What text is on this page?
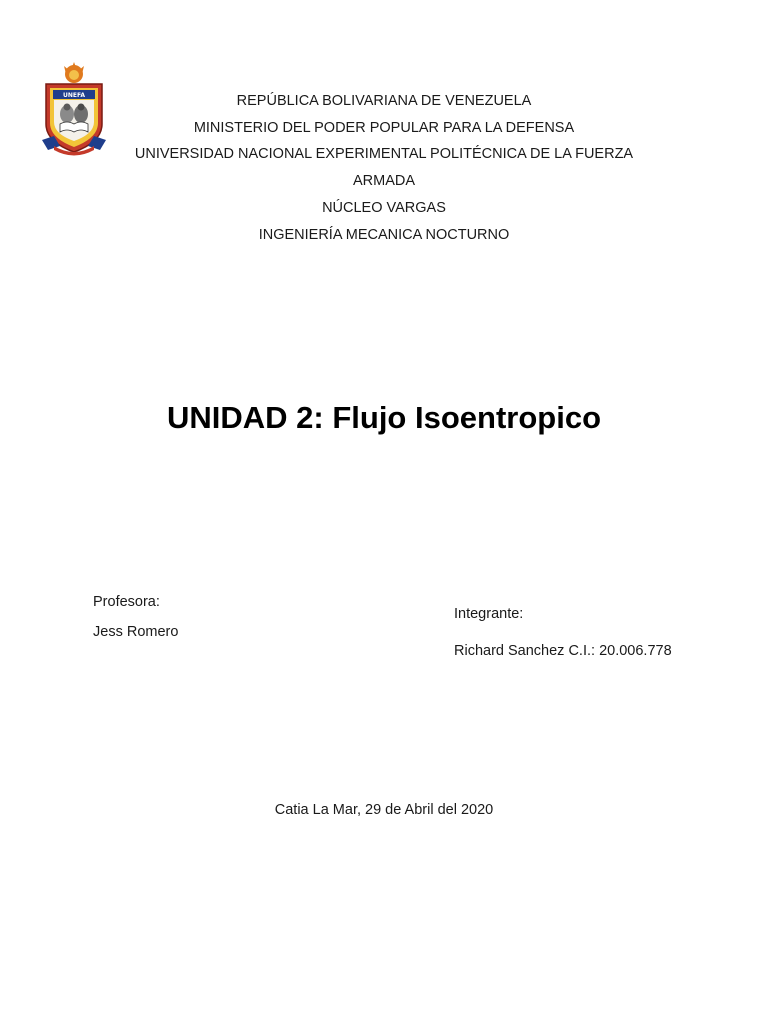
UNEFA	REPÚBLICA BOLIVARIANA DE VENEZUELA
MINISTERIO DEL PODER POPULAR PARA LA DEFENSA
UNIVERSIDAD NACIONAL EXPERIMENTAL POLITÉCNICA DE LA FUERZA
ARMADA
NÚCLEO VARGAS
INGENIERÍA MECANICA NOCTURNO
UNIDAD 2: Flujo Isoentropico
Profesora:
Jess Romero
Integrante:
Richard Sanchez C.I.: 20.006.778
Catia La Mar, 29 de Abril del 2020
